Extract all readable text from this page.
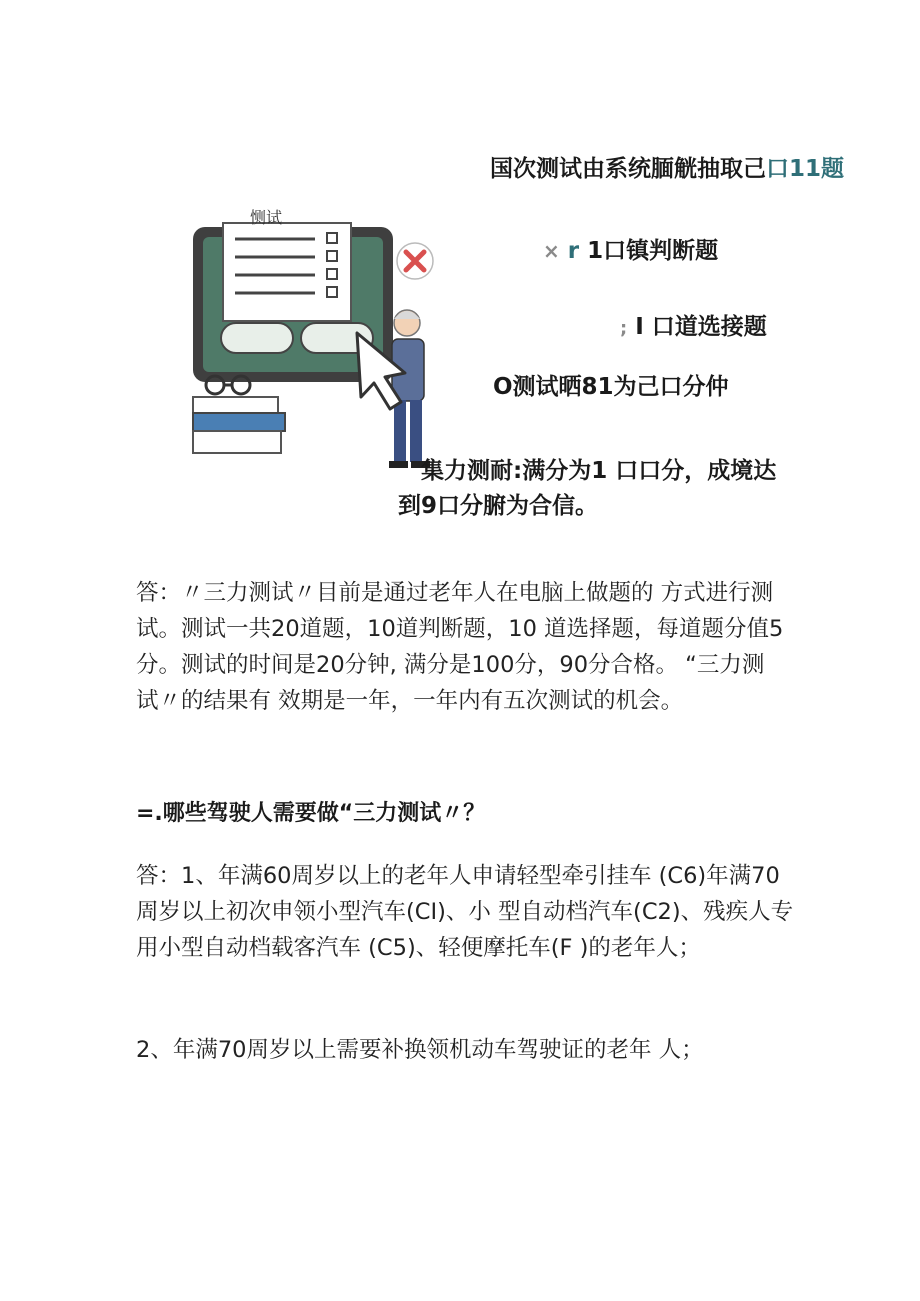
国次测试由系统腼觥抽取己口11题
恻试
× r 1口镇判断题
; I 口道选接题
O测试晒81为己口分仲
集力测耐:满分为1 口口分，成境达
到9口分腑为合信。
答：〃三力测试〃目前是通过老年人在电脑上做题的 方式进行测
试。测试一共20道题，10道判断题，10 道选择题，每道题分值5
分。测试的时间是20分钟, 满分是100分，90分合格。 “三力测
试〃的结果有 效期是一年，一年内有五次测试的机会。
=.哪些驾驶人需要做“三力测试〃？
答：1、年满60周岁以上的老年人申请轻型牵引挂车 (C6)年满70
周岁以上初次申领小型汽车(CI)、小 型自动档汽车(C2)、残疾人专
用小型自动档载客汽车 (C5)、轻便摩托车(F )的老年人；
2、年满70周岁以上需要补换领机动车驾驶证的老年 人；
